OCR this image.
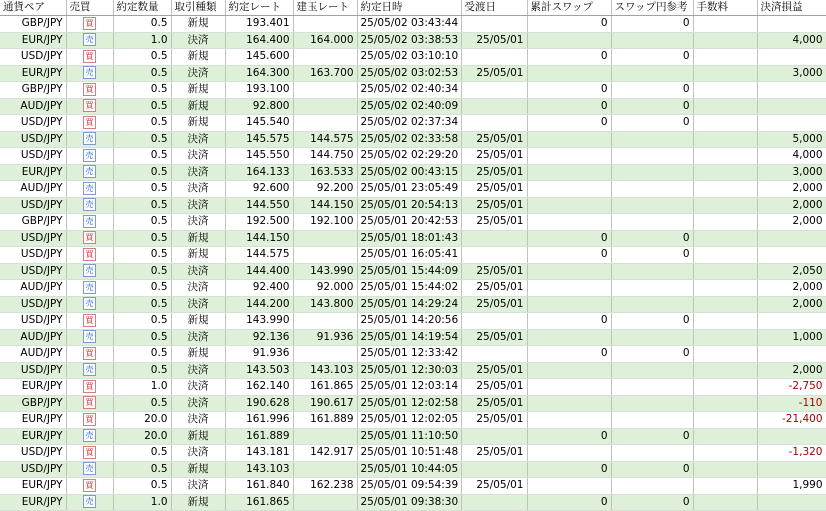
通貨ペア	売買	約定数量	取引種類	約定レート	建玉レート	約定日時	受渡日	累計スワップ	スワップ円参考	手数料	決済損益
GBP/JPY	買	0.5	新規	193.401		25/05/02 03:43:44		0	0		
EUR/JPY	売	1.0	決済	164.400	164.000	25/05/02 03:38:53	25/05/01				4,000
USD/JPY	買	0.5	新規	145.600		25/05/02 03:10:10		0	0		
EUR/JPY	売	0.5	決済	164.300	163.700	25/05/02 03:02:53	25/05/01				3,000
GBP/JPY	買	0.5	新規	193.100		25/05/02 02:40:34		0	0		
AUD/JPY	買	0.5	新規	92.800		25/05/02 02:40:09		0	0		
USD/JPY	買	0.5	新規	145.540		25/05/02 02:37:34		0	0		
USD/JPY	売	0.5	決済	145.575	144.575	25/05/02 02:33:58	25/05/01				5,000
USD/JPY	売	0.5	決済	145.550	144.750	25/05/02 02:29:20	25/05/01				4,000
EUR/JPY	売	0.5	決済	164.133	163.533	25/05/02 00:43:15	25/05/01				3,000
AUD/JPY	売	0.5	決済	92.600	92.200	25/05/01 23:05:49	25/05/01				2,000
USD/JPY	売	0.5	決済	144.550	144.150	25/05/01 20:54:13	25/05/01				2,000
GBP/JPY	売	0.5	決済	192.500	192.100	25/05/01 20:42:53	25/05/01				2,000
USD/JPY	買	0.5	新規	144.150		25/05/01 18:01:43		0	0		
USD/JPY	買	0.5	新規	144.575		25/05/01 16:05:41		0	0		
USD/JPY	売	0.5	決済	144.400	143.990	25/05/01 15:44:09	25/05/01				2,050
AUD/JPY	売	0.5	決済	92.400	92.000	25/05/01 15:44:02	25/05/01				2,000
USD/JPY	売	0.5	決済	144.200	143.800	25/05/01 14:29:24	25/05/01				2,000
USD/JPY	買	0.5	新規	143.990		25/05/01 14:20:56		0	0		
AUD/JPY	売	0.5	決済	92.136	91.936	25/05/01 14:19:54	25/05/01				1,000
AUD/JPY	買	0.5	新規	91.936		25/05/01 12:33:42		0	0		
USD/JPY	売	0.5	決済	143.503	143.103	25/05/01 12:30:03	25/05/01				2,000
EUR/JPY	買	1.0	決済	162.140	161.865	25/05/01 12:03:14	25/05/01				-2,750
GBP/JPY	買	0.5	決済	190.628	190.617	25/05/01 12:02:58	25/05/01				-110
EUR/JPY	買	20.0	決済	161.996	161.889	25/05/01 12:02:05	25/05/01				-21,400
EUR/JPY	売	20.0	新規	161.889		25/05/01 11:10:50		0	0		
USD/JPY	買	0.5	決済	143.181	142.917	25/05/01 10:51:48	25/05/01				-1,320
USD/JPY	売	0.5	新規	143.103		25/05/01 10:44:05		0	0		
EUR/JPY	買	0.5	決済	161.840	162.238	25/05/01 09:54:39	25/05/01				1,990
EUR/JPY	売	1.0	新規	161.865		25/05/01 09:38:30		0	0		
